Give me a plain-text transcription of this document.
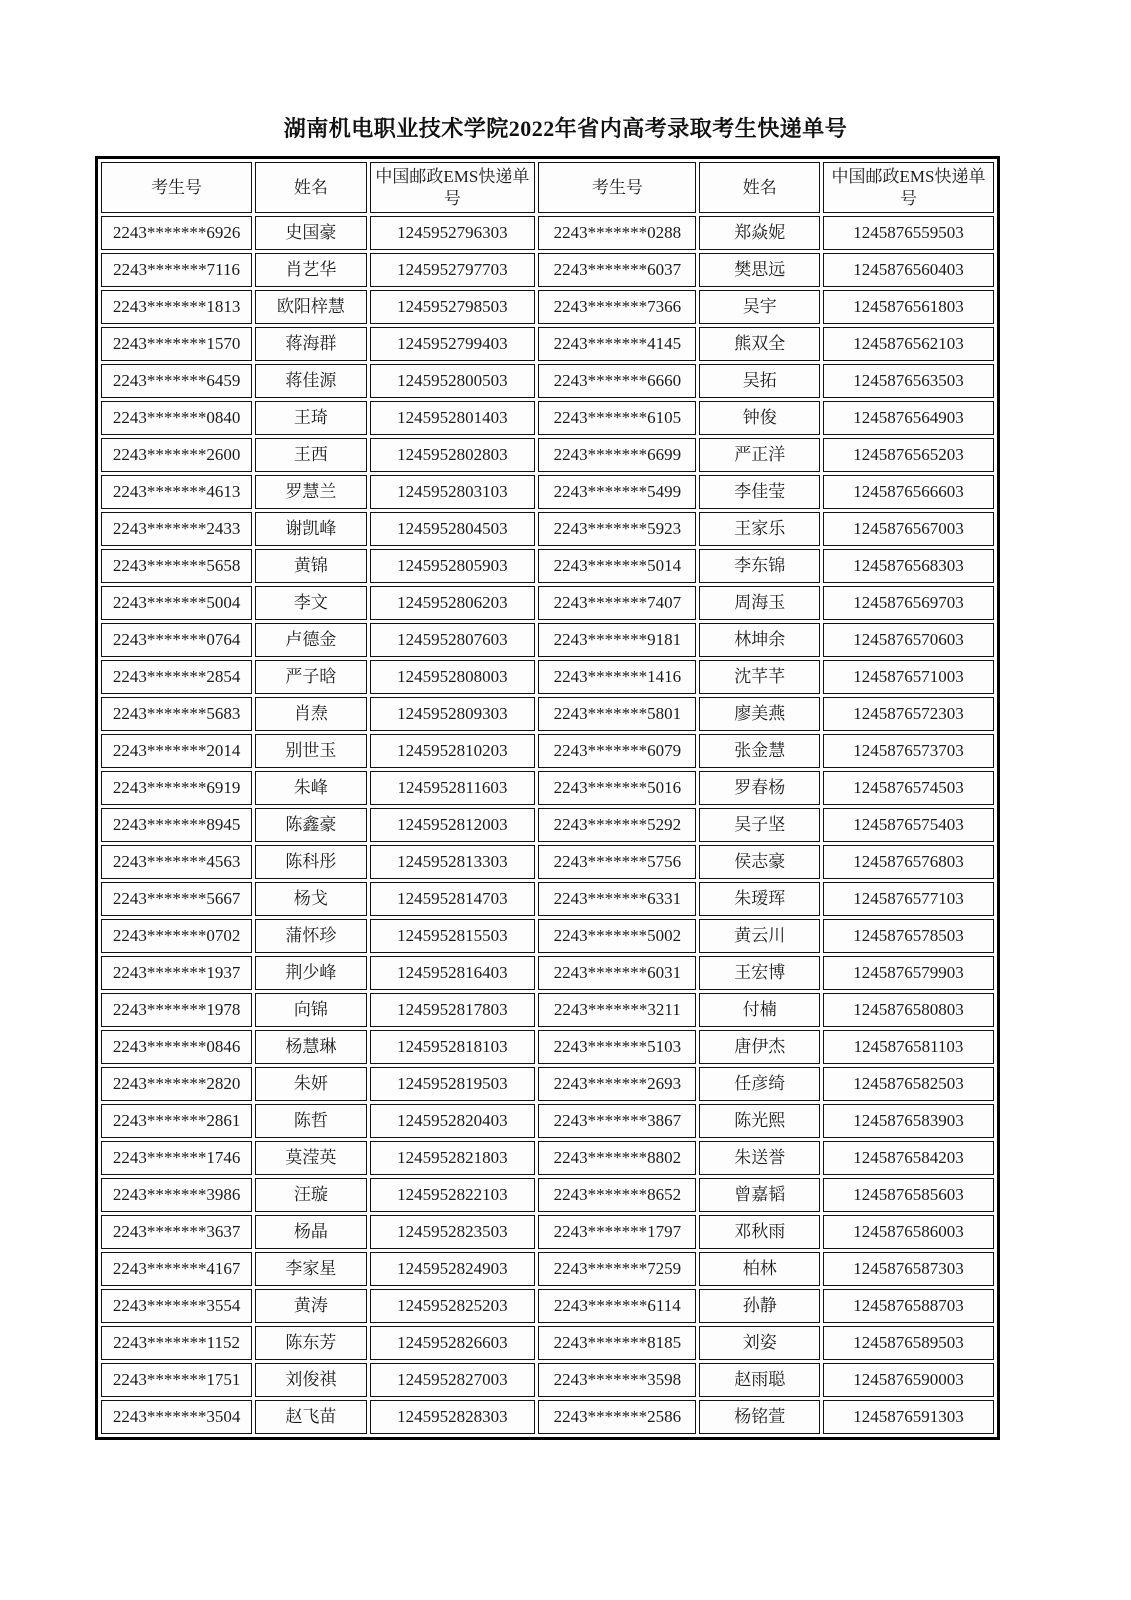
湖南机电职业技术学院2022年省内高考录取考生快递单号
考生号	姓名	中国邮政EMS快递单号	考生号	姓名	中国邮政EMS快递单号
2243*******6926	史国豪	1245952796303	2243*******0288	郑焱妮	1245876559503
2243*******7116	肖艺华	1245952797703	2243*******6037	樊思远	1245876560403
2243*******1813	欧阳梓慧	1245952798503	2243*******7366	吴宇	1245876561803
2243*******1570	蒋海群	1245952799403	2243*******4145	熊双全	1245876562103
2243*******6459	蒋佳源	1245952800503	2243*******6660	吴拓	1245876563503
2243*******0840	王琦	1245952801403	2243*******6105	钟俊	1245876564903
2243*******2600	王西	1245952802803	2243*******6699	严正洋	1245876565203
2243*******4613	罗慧兰	1245952803103	2243*******5499	李佳莹	1245876566603
2243*******2433	谢凯峰	1245952804503	2243*******5923	王家乐	1245876567003
2243*******5658	黄锦	1245952805903	2243*******5014	李东锦	1245876568303
2243*******5004	李文	1245952806203	2243*******7407	周海玉	1245876569703
2243*******0764	卢德金	1245952807603	2243*******9181	林坤余	1245876570603
2243*******2854	严子晗	1245952808003	2243*******1416	沈芊芊	1245876571003
2243*******5683	肖焘	1245952809303	2243*******5801	廖美燕	1245876572303
2243*******2014	别世玉	1245952810203	2243*******6079	张金慧	1245876573703
2243*******6919	朱峰	1245952811603	2243*******5016	罗春杨	1245876574503
2243*******8945	陈鑫豪	1245952812003	2243*******5292	吴子坚	1245876575403
2243*******4563	陈科彤	1245952813303	2243*******5756	侯志豪	1245876576803
2243*******5667	杨戈	1245952814703	2243*******6331	朱瑷珲	1245876577103
2243*******0702	蒲怀珍	1245952815503	2243*******5002	黄云川	1245876578503
2243*******1937	荆少峰	1245952816403	2243*******6031	王宏博	1245876579903
2243*******1978	向锦	1245952817803	2243*******3211	付楠	1245876580803
2243*******0846	杨慧琳	1245952818103	2243*******5103	唐伊杰	1245876581103
2243*******2820	朱妍	1245952819503	2243*******2693	任彦绮	1245876582503
2243*******2861	陈哲	1245952820403	2243*******3867	陈光熙	1245876583903
2243*******1746	莫滢英	1245952821803	2243*******8802	朱送誉	1245876584203
2243*******3986	汪璇	1245952822103	2243*******8652	曾嘉韬	1245876585603
2243*******3637	杨晶	1245952823503	2243*******1797	邓秋雨	1245876586003
2243*******4167	李家星	1245952824903	2243*******7259	柏林	1245876587303
2243*******3554	黄涛	1245952825203	2243*******6114	孙静	1245876588703
2243*******1152	陈东芳	1245952826603	2243*******8185	刘姿	1245876589503
2243*******1751	刘俊祺	1245952827003	2243*******3598	赵雨聪	1245876590003
2243*******3504	赵飞苗	1245952828303	2243*******2586	杨铭萱	1245876591303
